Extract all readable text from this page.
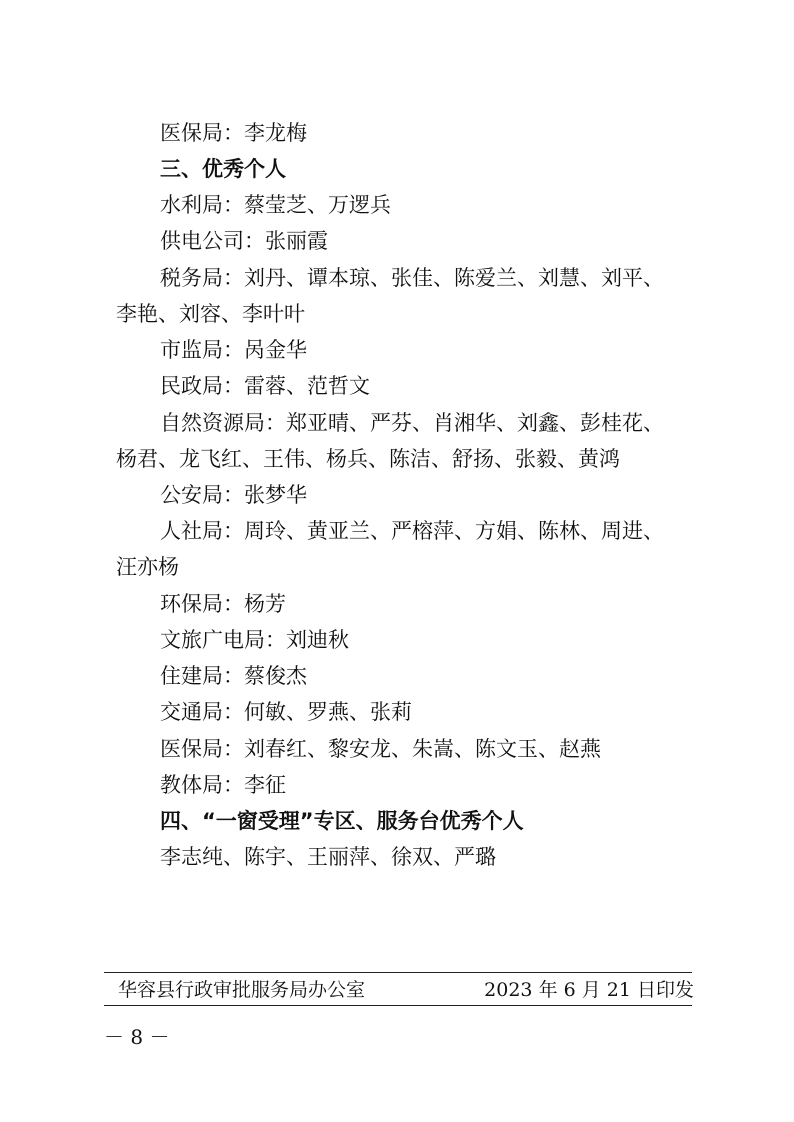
医保局：李龙梅
三、优秀个人
水利局：蔡莹芝、万逻兵
供电公司：张丽霞
税务局：刘丹、谭本琼、张佳、陈爱兰、刘慧、刘平、
李艳、刘容、李叶叶
市监局：呙金华
民政局：雷蓉、范哲文
自然资源局：郑亚晴、严芬、肖湘华、刘鑫、彭桂花、
杨君、龙飞红、王伟、杨兵、陈洁、舒扬、张毅、黄鸿
公安局：张梦华
人社局：周玲、黄亚兰、严榕萍、方娟、陈林、周进、
汪亦杨
环保局：杨芳
文旅广电局：刘迪秋
住建局：蔡俊杰
交通局：何敏、罗燕、张莉
医保局：刘春红、黎安龙、朱嵩、陈文玉、赵燕
教体局：李征
四、“一窗受理”专区、服务台优秀个人
李志纯、陈宇、王丽萍、徐双、严璐
华容县行政审批服务局办公室	2023 年 6 月 21 日印发
－ 8 －
